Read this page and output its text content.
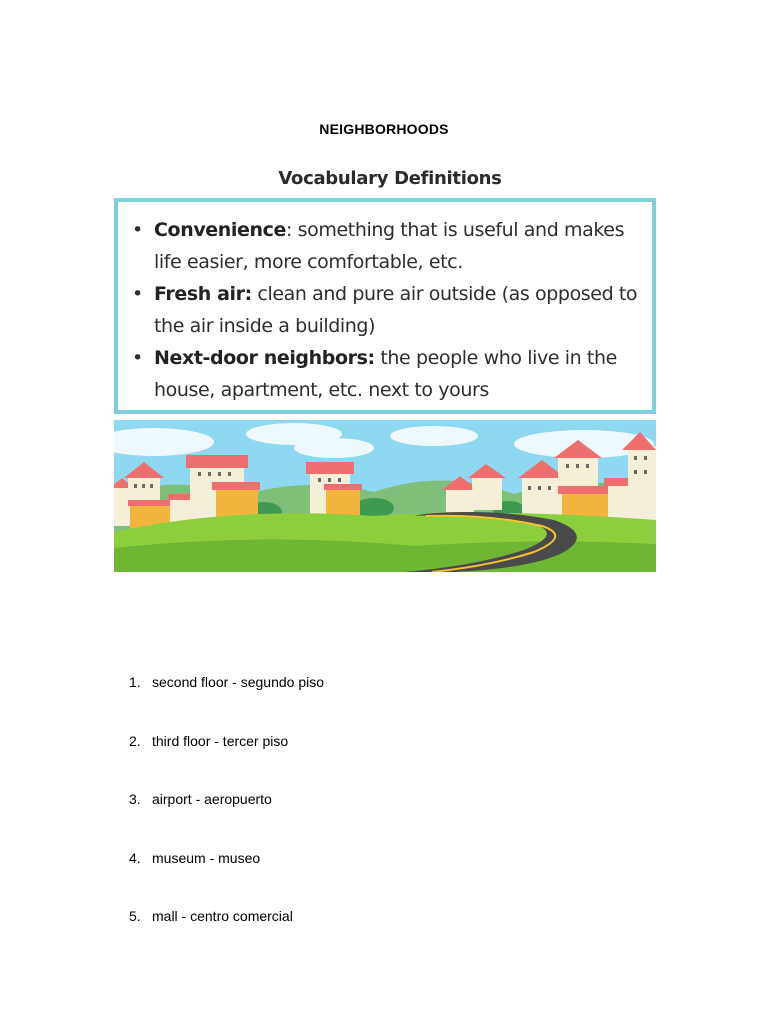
NEIGHBORHOODS
Vocabulary Definitions
• Convenience: something that is useful and makes life easier, more comfortable, etc.
• Fresh air: clean and pure air outside (as opposed to the air inside a building)
• Next-door neighbors: the people who live in the house, apartment, etc. next to yours
1. second floor - segundo piso
2. third floor - tercer piso
3. airport - aeropuerto
4. museum - museo
5. mall - centro comercial
